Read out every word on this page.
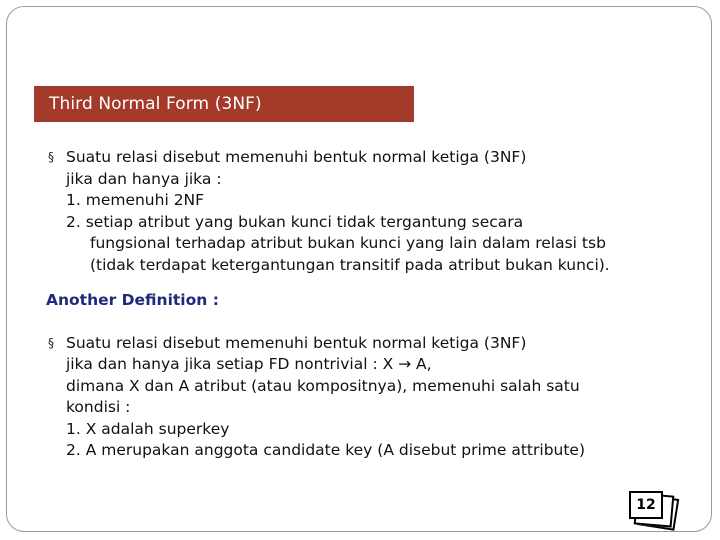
Third Normal Form (3NF)
§ Suatu relasi disebut memenuhi bentuk normal ketiga (3NF)
jika dan hanya jika :
1. memenuhi 2NF
2. setiap atribut yang bukan kunci tidak tergantung secara
fungsional terhadap atribut bukan kunci yang lain dalam relasi tsb
(tidak terdapat ketergantungan transitif pada atribut bukan kunci).
Another Definition :
§ Suatu relasi disebut memenuhi bentuk normal ketiga (3NF)
jika dan hanya jika setiap FD nontrivial : X → A,
dimana X dan A atribut (atau kompositnya), memenuhi salah satu
kondisi :
1. X adalah superkey
2. A merupakan anggota candidate key (A disebut prime attribute)
12
